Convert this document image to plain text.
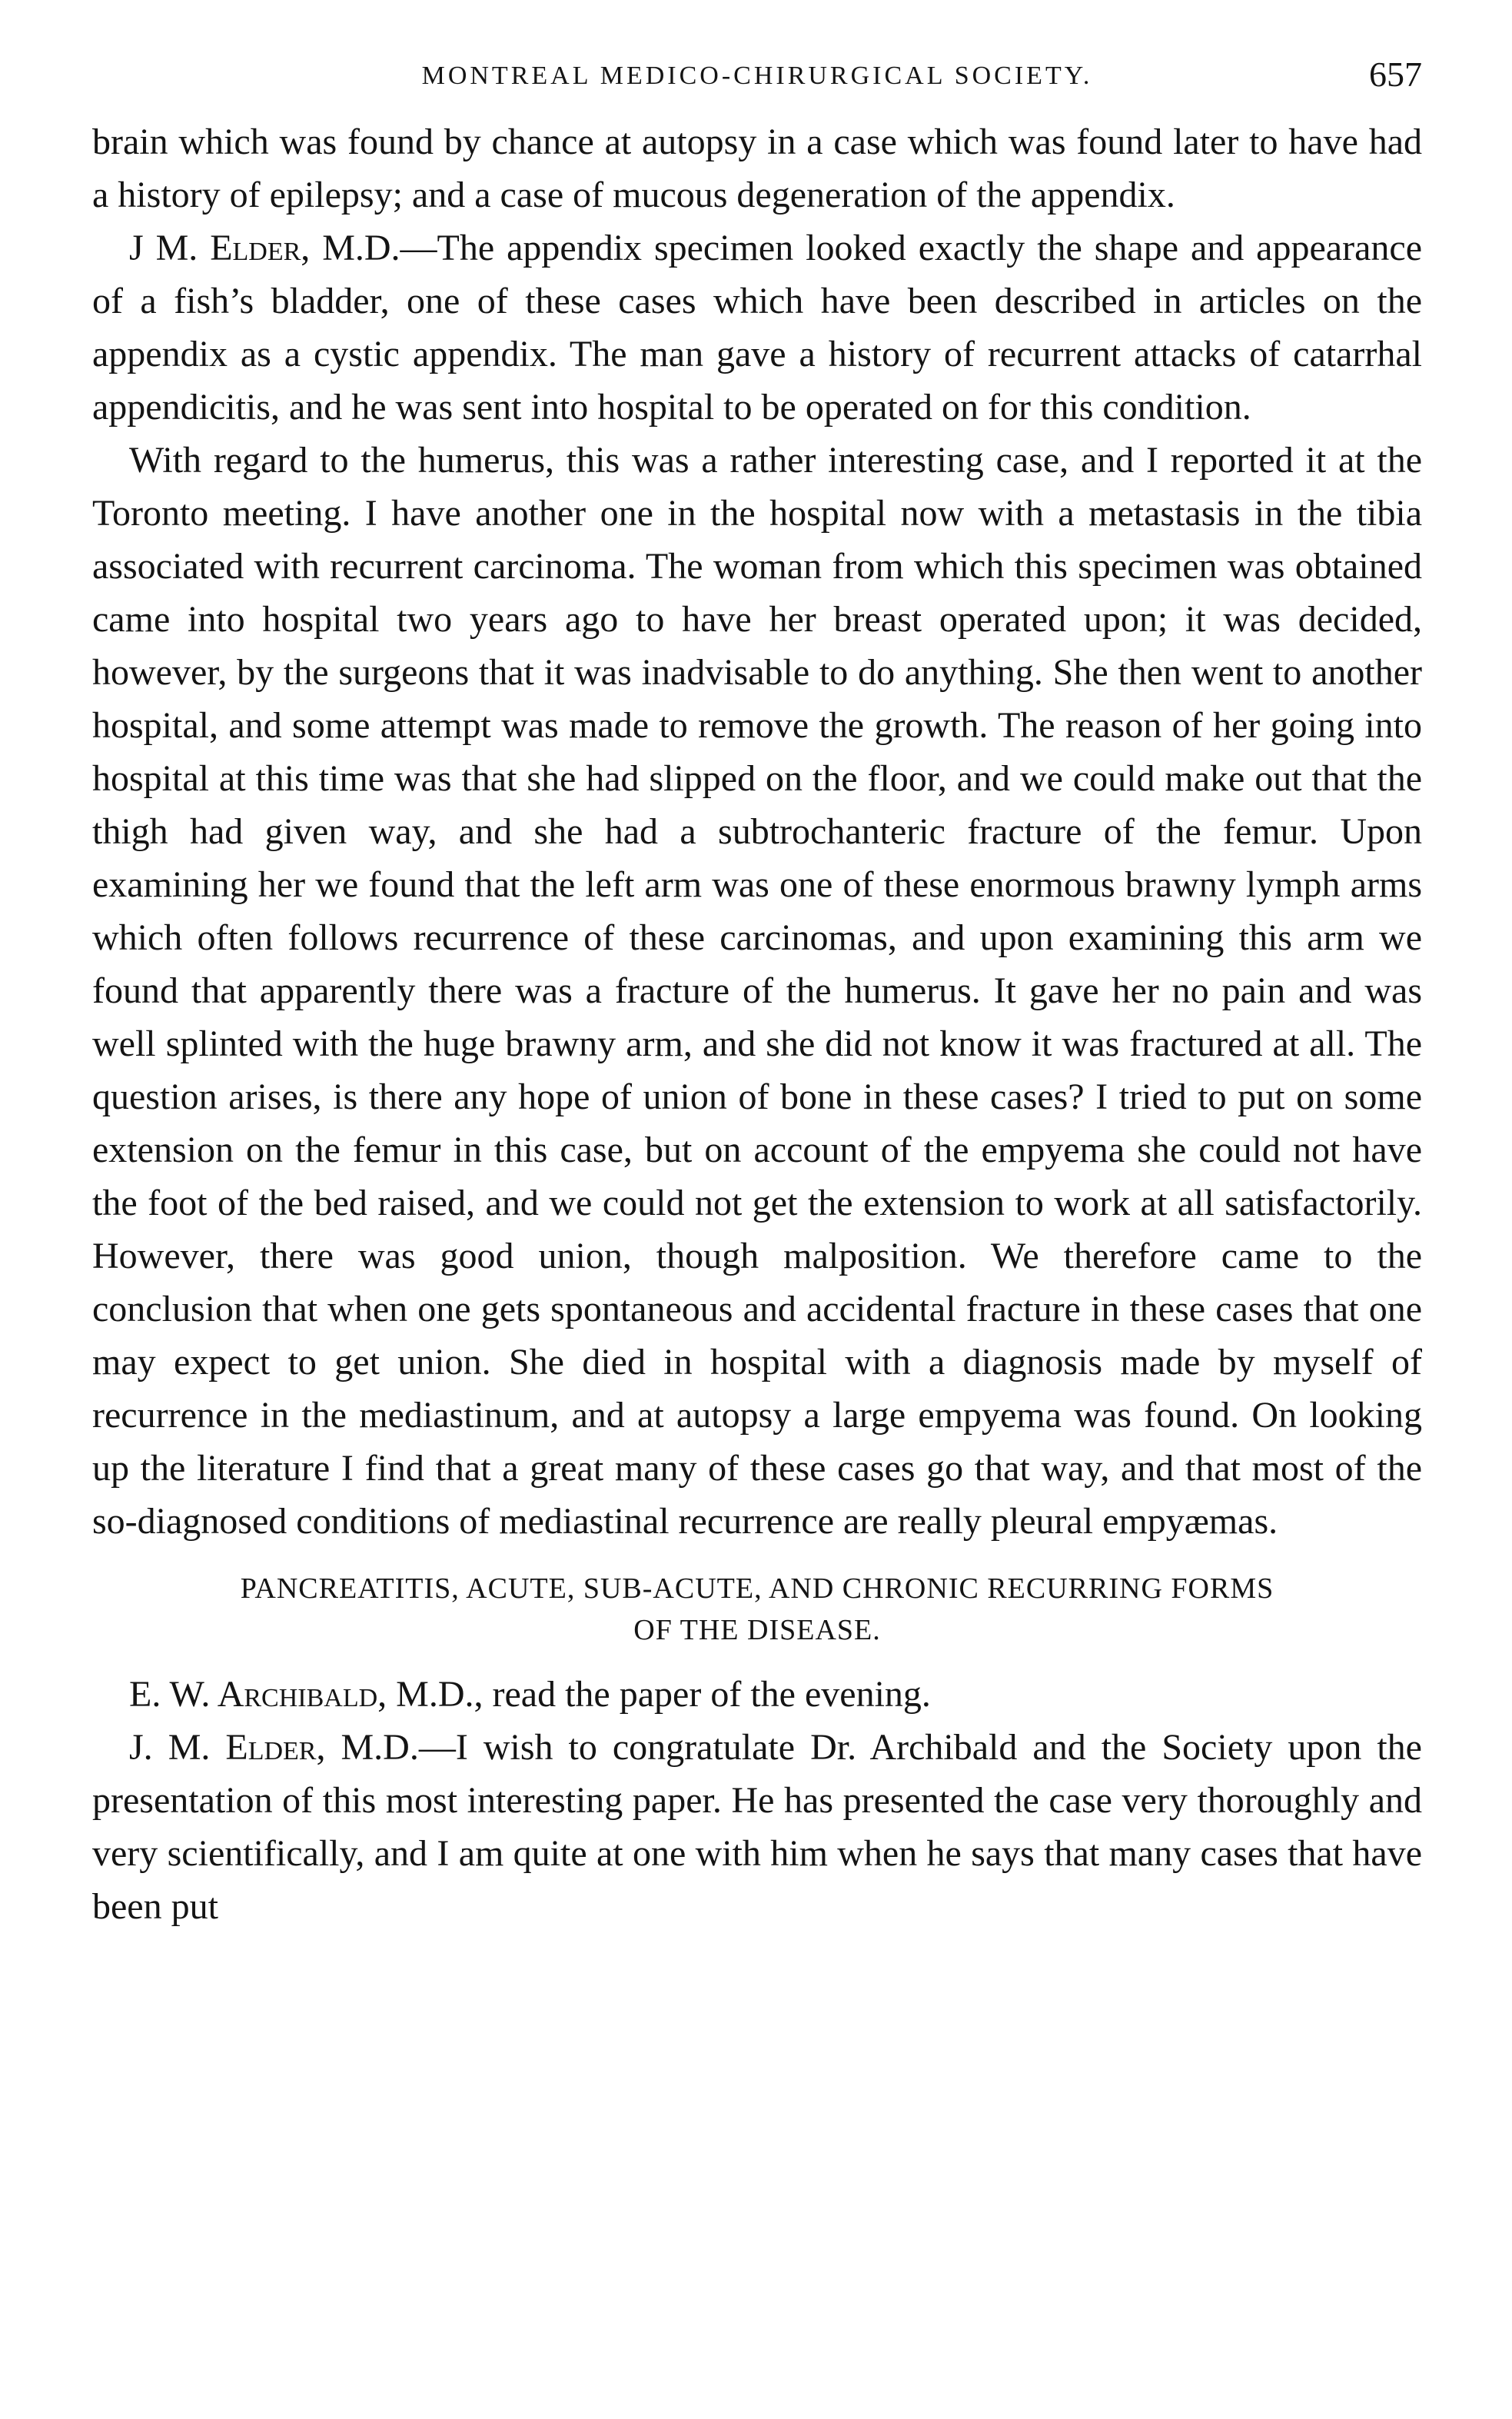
MONTREAL MEDICO-CHIRURGICAL SOCIETY.	657

brain which was found by chance at autopsy in a case which was found later to have had a history of epilepsy; and a case of mucous degeneration of the appendix.

J M. Elder, M.D.—The appendix specimen looked exactly the shape and appearance of a fish’s bladder, one of these cases which have been described in articles on the appendix as a cystic appendix. The man gave a history of recurrent attacks of catarrhal appendicitis, and he was sent into hospital to be operated on for this condition.

With regard to the humerus, this was a rather interesting case, and I reported it at the Toronto meeting. I have another one in the hospital now with a metastasis in the tibia associated with recurrent carcinoma. The woman from which this specimen was obtained came into hospital two years ago to have her breast operated upon; it was decided, however, by the surgeons that it was inadvisable to do anything. She then went to another hospital, and some attempt was made to remove the growth. The reason of her going into hospital at this time was that she had slipped on the floor, and we could make out that the thigh had given way, and she had a subtrochanteric fracture of the femur. Upon examining her we found that the left arm was one of these enormous brawny lymph arms which often follows recurrence of these carcinomas, and upon examining this arm we found that apparently there was a fracture of the humerus. It gave her no pain and was well splinted with the huge brawny arm, and she did not know it was fractured at all. The question arises, is there any hope of union of bone in these cases? I tried to put on some extension on the femur in this case, but on account of the empyema she could not have the foot of the bed raised, and we could not get the extension to work at all satisfactorily. However, there was good union, though malposition. We therefore came to the conclusion that when one gets spontaneous and accidental fracture in these cases that one may expect to get union. She died in hospital with a diagnosis made by myself of recurrence in the mediastinum, and at autopsy a large empyema was found. On looking up the literature I find that a great many of these cases go that way, and that most of the so-diagnosed conditions of mediastinal recurrence are really pleural empyæmas.

PANCREATITIS, ACUTE, SUB-ACUTE, AND CHRONIC RECURRING FORMS
OF THE DISEASE.

E. W. Archibald, M.D., read the paper of the evening.

J. M. Elder, M.D.—I wish to congratulate Dr. Archibald and the Society upon the presentation of this most interesting paper. He has presented the case very thoroughly and very scientifically, and I am quite at one with him when he says that many cases that have been put
